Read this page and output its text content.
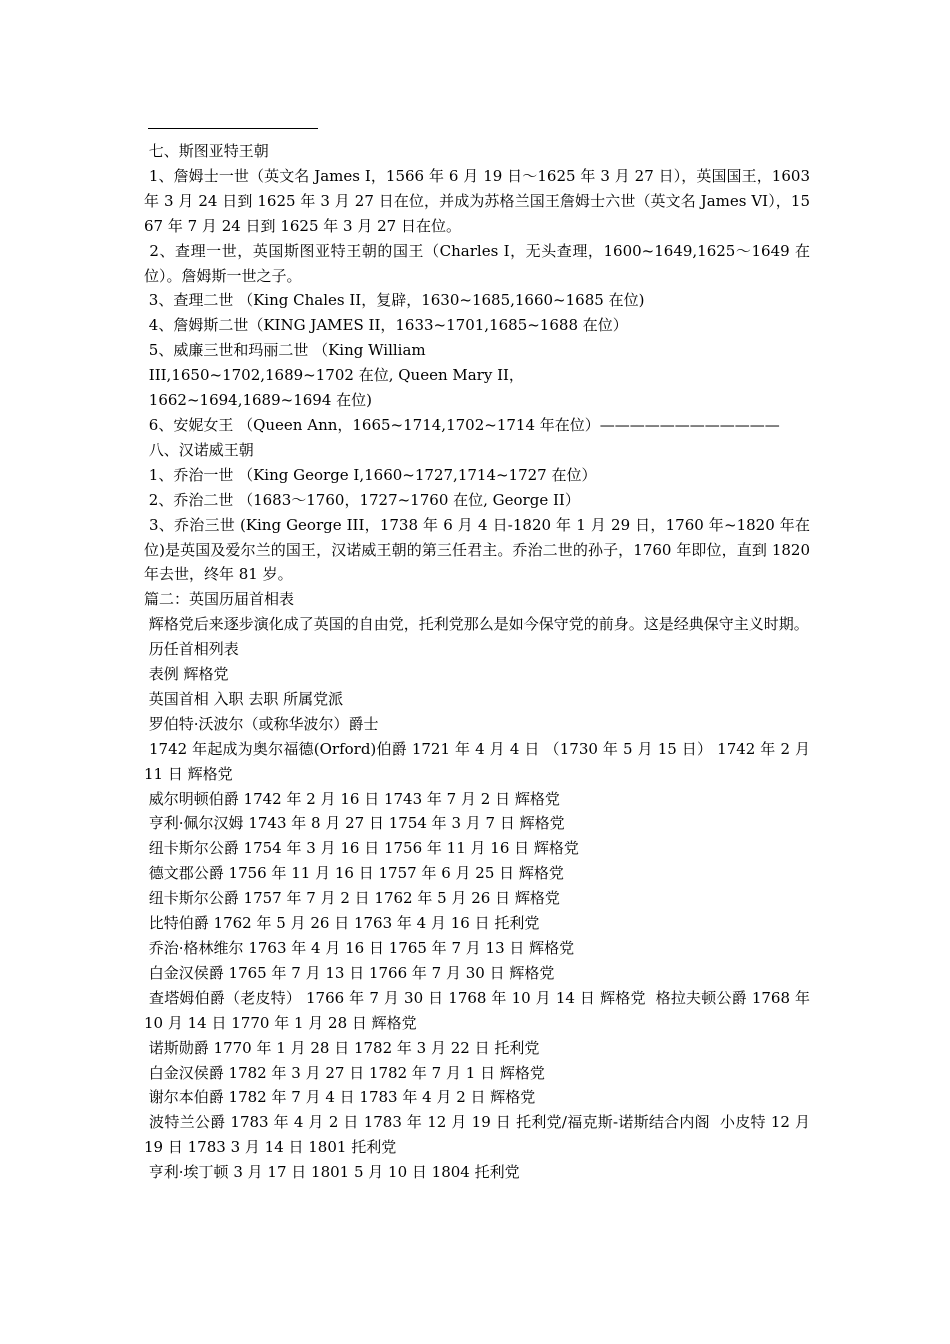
七、斯图亚特王朝
1、詹姆士一世（英文名 James I，1566 年 6 月 19 日～1625 年 3 月 27 日），英国国王，1603 年 3 月 24 日到 1625 年 3 月 27 日在位，并成为苏格兰国王詹姆士六世（英文名 James VI），1567 年 7 月 24 日到 1625 年 3 月 27 日在位。
2、查理一世，英国斯图亚特王朝的国王（Charles I，无头查理，1600~1649,1625～1649 在位）。詹姆斯一世之子。
3、查理二世 （King Chales II，复辟，1630~1685,1660~1685 在位)
4、詹姆斯二世（KING JAMES II，1633~1701,1685~1688 在位）
5、威廉三世和玛丽二世 （King William
III,1650~1702,1689~1702 在位, Queen Mary II，
1662~1694,1689~1694 在位)
6、安妮女王 （Queen Ann，1665~1714,1702~1714 年在位）————————————
八、汉诺威王朝
1、乔治一世 （King George I,1660~1727,1714~1727 在位）
2、乔治二世 （1683～1760，1727~1760 在位, George II）
3、乔治三世 (King George III，1738 年 6 月 4 日-1820 年 1 月 29 日，1760 年~1820 年在位)是英国及爱尔兰的国王，汉诺威王朝的第三任君主。乔治二世的孙子，1760 年即位，直到 1820 年去世，终年 81 岁。
篇二：英国历届首相表
辉格党后来逐步演化成了英国的自由党，托利党那么是如今保守党的前身。这是经典保守主义时期。
历任首相列表
表例 辉格党
英国首相 入职 去职 所属党派
罗伯特·沃波尔（或称华波尔）爵士
1742 年起成为奥尔福德(Orford)伯爵 1721 年 4 月 4 日 （1730 年 5 月 15 日） 1742 年 2 月 11 日 辉格党
威尔明顿伯爵 1742 年 2 月 16 日 1743 年 7 月 2 日 辉格党
亨利·佩尔汉姆 1743 年 8 月 27 日 1754 年 3 月 7 日 辉格党
纽卡斯尔公爵 1754 年 3 月 16 日 1756 年 11 月 16 日 辉格党
德文郡公爵 1756 年 11 月 16 日 1757 年 6 月 25 日 辉格党
纽卡斯尔公爵 1757 年 7 月 2 日 1762 年 5 月 26 日 辉格党
比特伯爵 1762 年 5 月 26 日 1763 年 4 月 16 日 托利党
乔治·格林维尔 1763 年 4 月 16 日 1765 年 7 月 13 日 辉格党
白金汉侯爵 1765 年 7 月 13 日 1766 年 7 月 30 日 辉格党
查塔姆伯爵（老皮特） 1766 年 7 月 30 日 1768 年 10 月 14 日 辉格党  格拉夫顿公爵 1768 年 10 月 14 日 1770 年 1 月 28 日 辉格党
诺斯勋爵 1770 年 1 月 28 日 1782 年 3 月 22 日 托利党
白金汉侯爵 1782 年 3 月 27 日 1782 年 7 月 1 日 辉格党
谢尔本伯爵 1782 年 7 月 4 日 1783 年 4 月 2 日 辉格党
波特兰公爵 1783 年 4 月 2 日 1783 年 12 月 19 日 托利党/福克斯-诺斯结合内阁  小皮特 12 月 19 日 1783 3 月 14 日 1801 托利党
亨利·埃丁顿 3 月 17 日 1801 5 月 10 日 1804 托利党
